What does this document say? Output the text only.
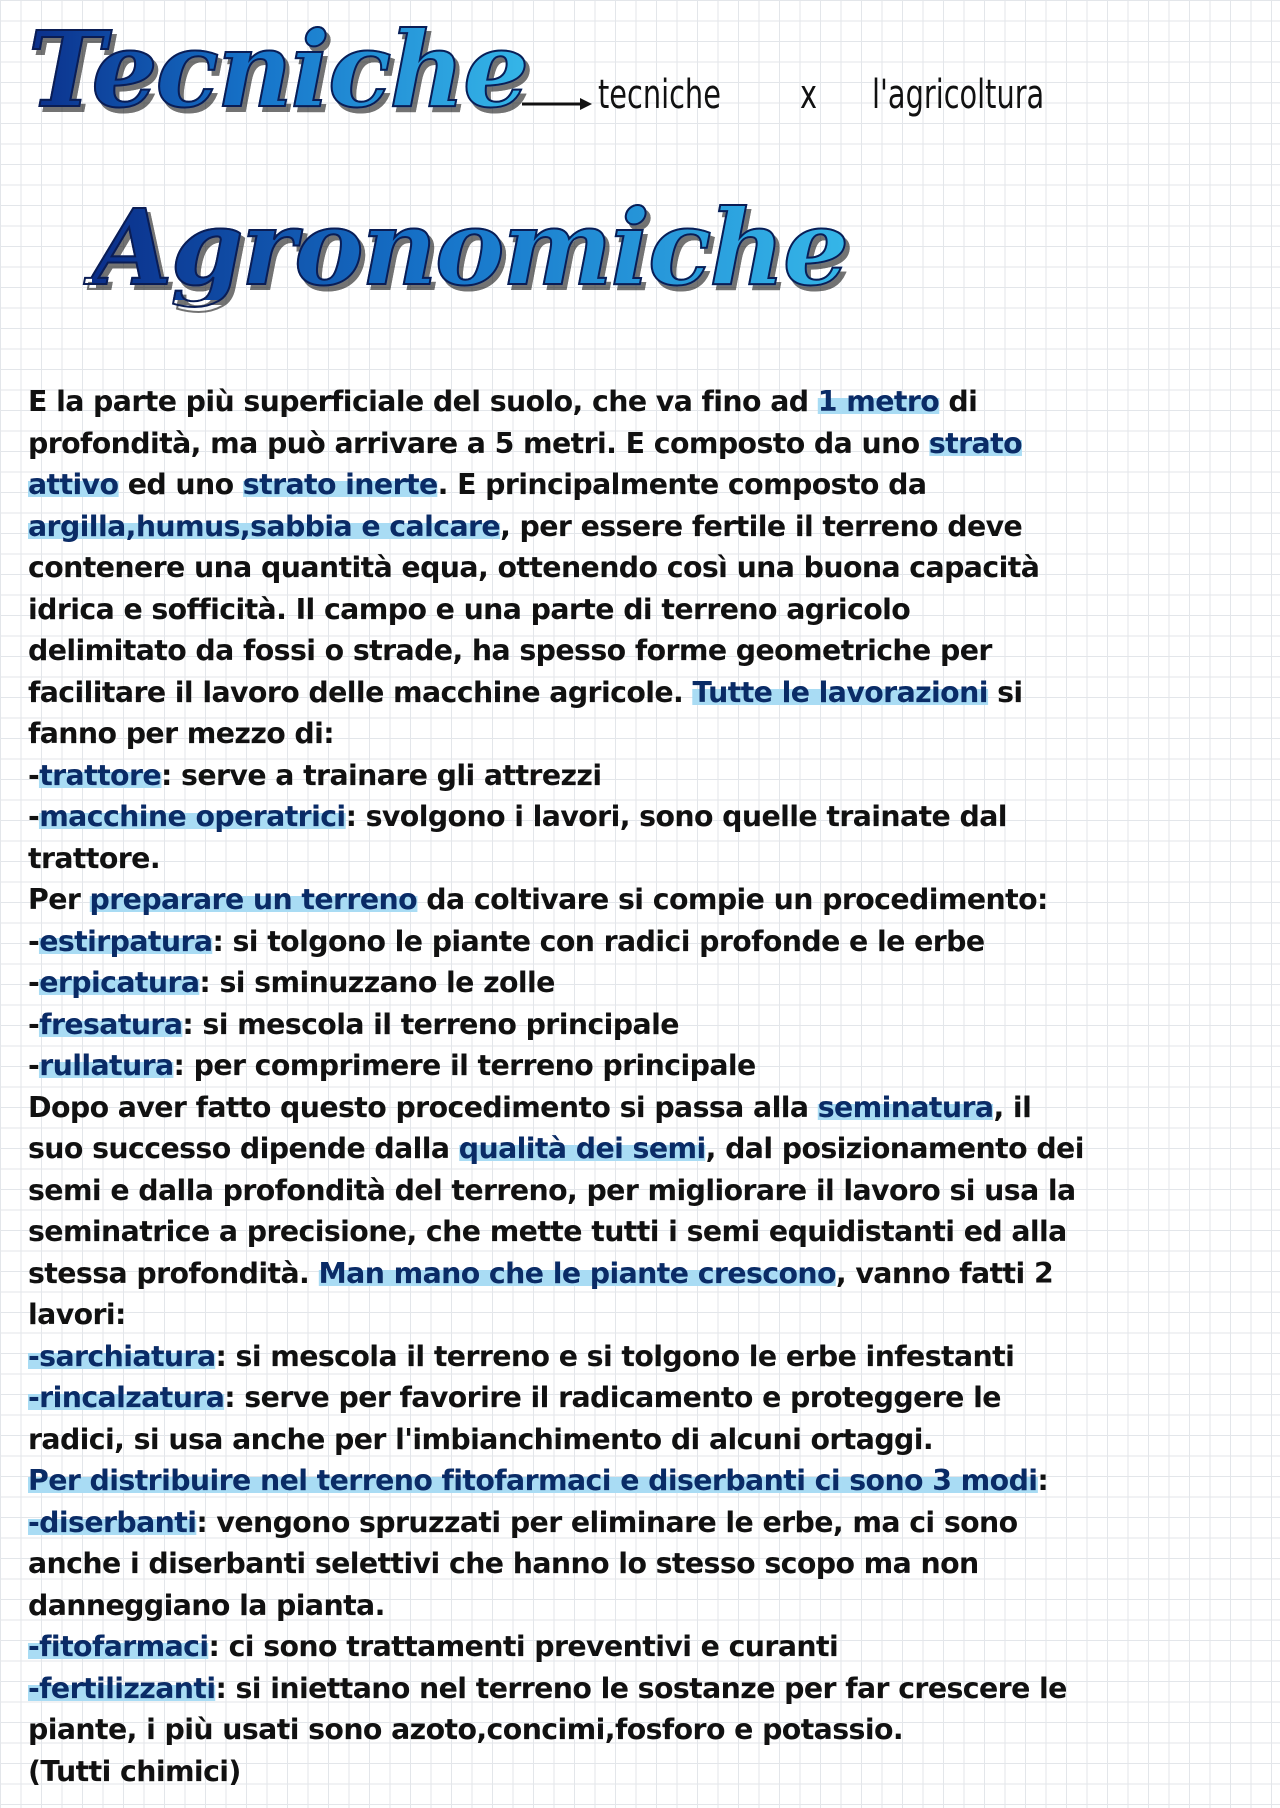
Tecniche
Agronomiche
tecniche x l'agricoltura
E la parte più superficiale del suolo, che va fino ad 1 metro di
profondità, ma può arrivare a 5 metri. E composto da uno strato
attivo ed uno strato inerte. E principalmente composto da
argilla,humus,sabbia e calcare, per essere fertile il terreno deve
contenere una quantità equa, ottenendo così una buona capacità
idrica e sofficità. Il campo e una parte di terreno agricolo
delimitato da fossi o strade, ha spesso forme geometriche per
facilitare il lavoro delle macchine agricole. Tutte le lavorazioni si
fanno per mezzo di:
-trattore: serve a trainare gli attrezzi
-macchine operatrici: svolgono i lavori, sono quelle trainate dal
trattore.
Per preparare un terreno da coltivare si compie un procedimento:
-estirpatura: si tolgono le piante con radici profonde e le erbe
-erpicatura: si sminuzzano le zolle
-fresatura: si mescola il terreno principale
-rullatura: per comprimere il terreno principale
Dopo aver fatto questo procedimento si passa alla seminatura, il
suo successo dipende dalla qualità dei semi, dal posizionamento dei
semi e dalla profondità del terreno, per migliorare il lavoro si usa la
seminatrice a precisione, che mette tutti i semi equidistanti ed alla
stessa profondità. Man mano che le piante crescono, vanno fatti 2
lavori:
-sarchiatura: si mescola il terreno e si tolgono le erbe infestanti
-rincalzatura: serve per favorire il radicamento e proteggere le
radici, si usa anche per l'imbianchimento di alcuni ortaggi.
Per distribuire nel terreno fitofarmaci e diserbanti ci sono 3 modi:
-diserbanti: vengono spruzzati per eliminare le erbe, ma ci sono
anche i diserbanti selettivi che hanno lo stesso scopo ma non
danneggiano la pianta.
-fitofarmaci: ci sono trattamenti preventivi e curanti
-fertilizzanti: si iniettano nel terreno le sostanze per far crescere le
piante, i più usati sono azoto,concimi,fosforo e potassio.
(Tutti chimici)
